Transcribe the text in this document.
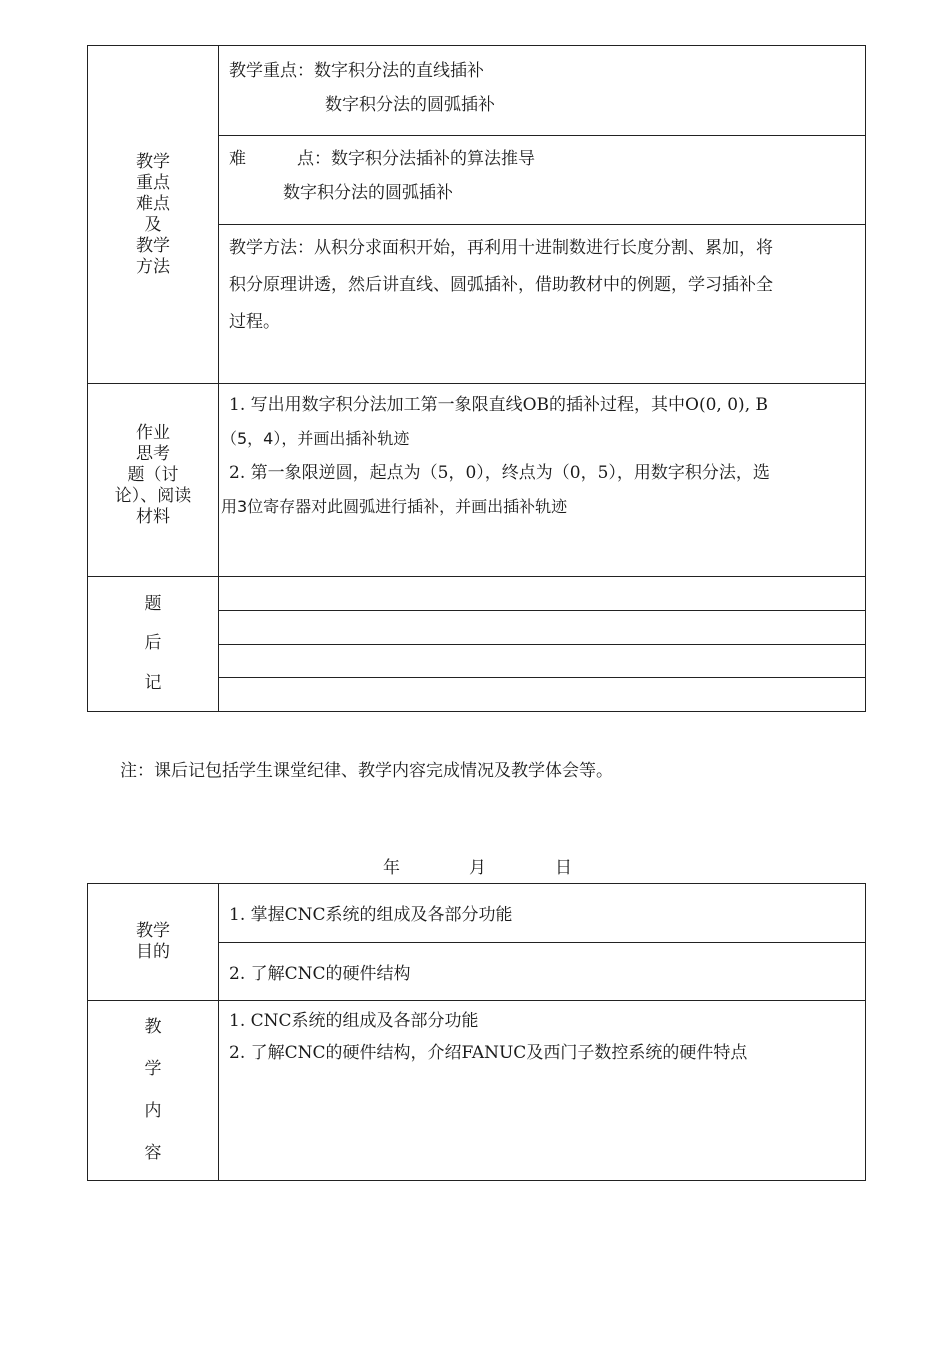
教学
重点
难点
及
教学
方法
教学重点：数字积分法的直线插补
数字积分法的圆弧插补
难　　　点：数字积分法插补的算法推导
数字积分法的圆弧插补
教学方法：从积分求面积开始，再利用十进制数进行长度分割、累加，将
积分原理讲透，然后讲直线、圆弧插补，借助教材中的例题，学习插补全
过程。
作业
思考
题（讨
论）、阅读
材料
1. 写出用数字积分法加工第一象限直线OB的插补过程，其中O(0, 0), B
（5，4），并画出插补轨迹
2. 第一象限逆圆，起点为（5，0），终点为（0，5），用数字积分法，选
用3位寄存器对此圆弧进行插补，并画出插补轨迹
题
后
记
注：课后记包括学生课堂纪律、教学内容完成情况及教学体会等。
年	月	日
教学
目的
1. 掌握CNC系统的组成及各部分功能
2. 了解CNC的硬件结构
教
学
内
容
1. CNC系统的组成及各部分功能
2. 了解CNC的硬件结构，介绍FANUC及西门子数控系统的硬件特点
